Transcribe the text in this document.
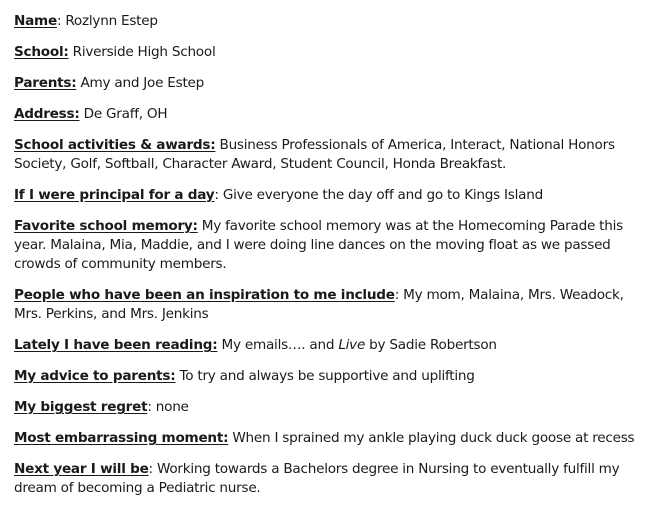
Name: Rozlynn Estep

School: Riverside High School

Parents: Amy and Joe Estep

Address: De Graff, OH

School activities & awards: Business Professionals of America, Interact, National Honors Society, Golf, Softball, Character Award, Student Council, Honda Breakfast.

If I were principal for a day: Give everyone the day off and go to Kings Island

Favorite school memory: My favorite school memory was at the Homecoming Parade this year. Malaina, Mia, Maddie, and I were doing line dances on the moving float as we passed crowds of community members.

People who have been an inspiration to me include: My mom, Malaina, Mrs. Weadock, Mrs. Perkins, and Mrs. Jenkins

Lately I have been reading: My emails…. and Live by Sadie Robertson

My advice to parents: To try and always be supportive and uplifting

My biggest regret: none

Most embarrassing moment: When I sprained my ankle playing duck duck goose at recess

Next year I will be: Working towards a Bachelors degree in Nursing to eventually fulfill my dream of becoming a Pediatric nurse.
